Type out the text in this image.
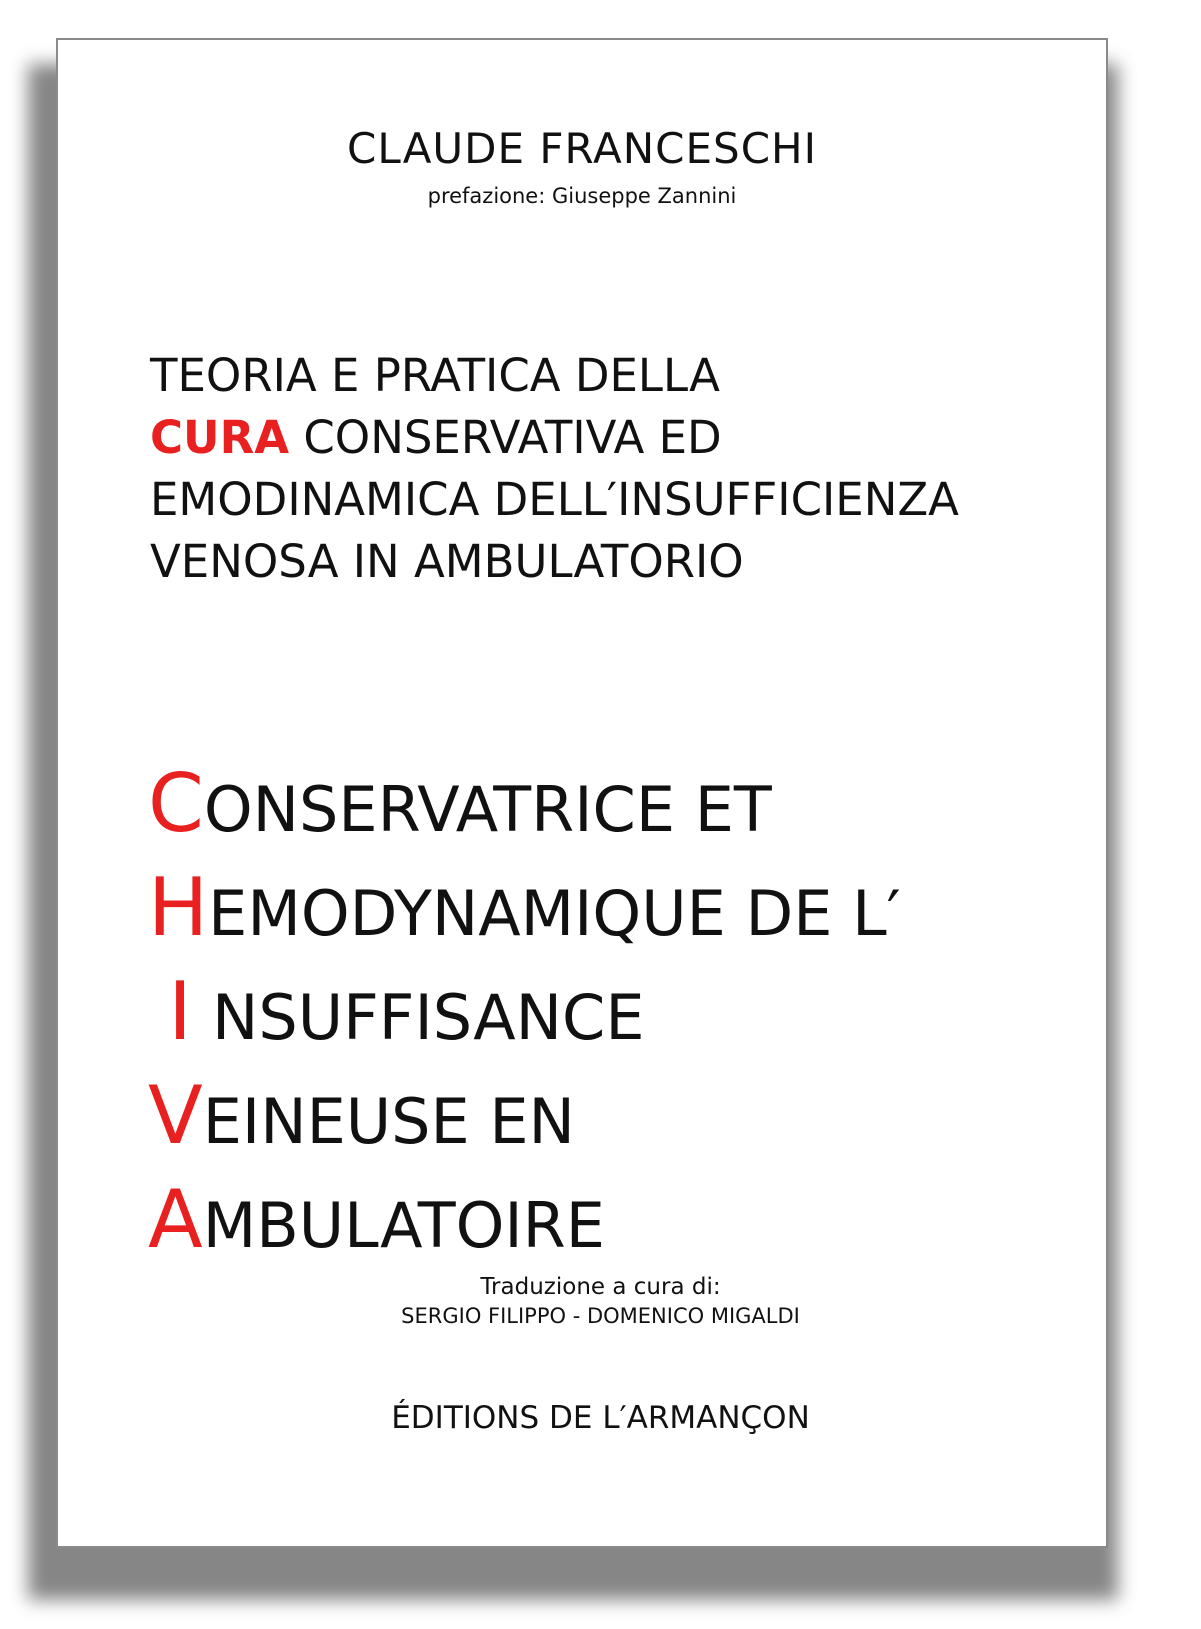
CLAUDE FRANCESCHI
prefazione: Giuseppe Zannini
TEORIA E PRATICA DELLA
CURA CONSERVATIVA ED
EMODINAMICA DELL′INSUFFICIENZA
VENOSA IN AMBULATORIO
CONSERVATRICE ET
HEMODYNAMIQUE DE L′
I NSUFFISANCE
VEINEUSE EN
AMBULATOIRE
Traduzione a cura di:
SERGIO FILIPPO - DOMENICO MIGALDI
ÉDITIONS DE L′ARMANÇON
